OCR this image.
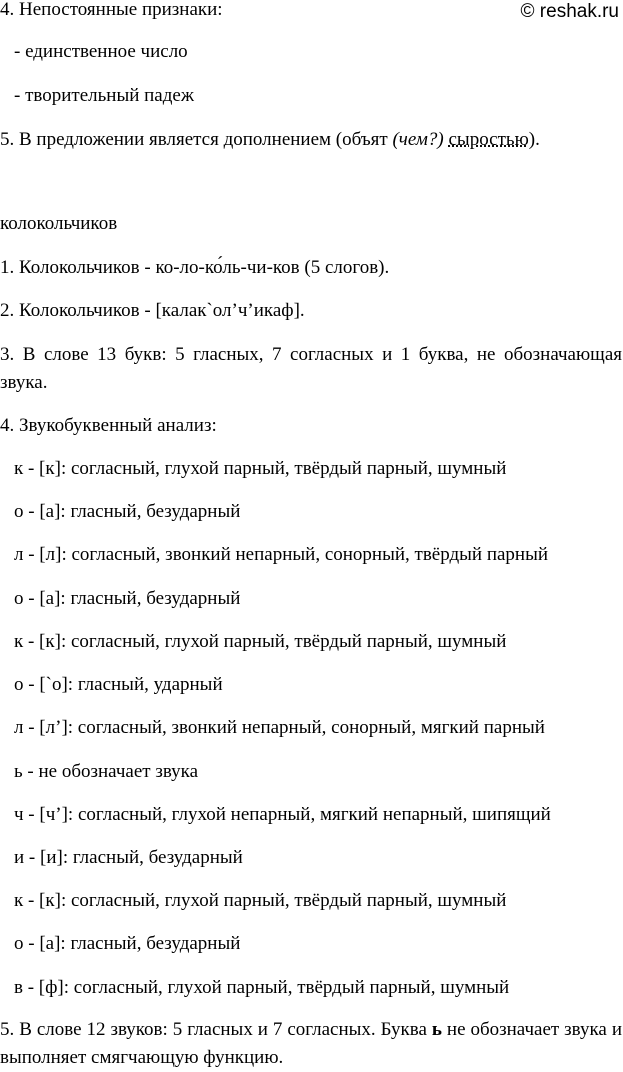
4. Непостоянные признаки:	© reshak.ru
- единственное число
- творительный падеж
5. В предложении является дополнением (объят (чем?) сыростью).
колокольчиков
1. Колокольчиков - ко-ло-ко́ль-чи-ков (5 слогов).
2. Колокольчиков - [калак`ол’ч’икаф].
3. В слове 13 букв: 5 гласных, 7 согласных и 1 буква, не обозначающая звука.
4. Звукобуквенный анализ:
к - [к]: согласный, глухой парный, твёрдый парный, шумный
о - [а]: гласный, безударный
л - [л]: согласный, звонкий непарный, сонорный, твёрдый парный
о - [а]: гласный, безударный
к - [к]: согласный, глухой парный, твёрдый парный, шумный
о - [`о]: гласный, ударный
л - [л’]: согласный, звонкий непарный, сонорный, мягкий парный
ь - не обозначает звука
ч - [ч’]: согласный, глухой непарный, мягкий непарный, шипящий
и - [и]: гласный, безударный
к - [к]: согласный, глухой парный, твёрдый парный, шумный
о - [а]: гласный, безударный
в - [ф]: согласный, глухой парный, твёрдый парный, шумный
5. В слове 12 звуков: 5 гласных и 7 согласных. Буква ь не обозначает звука и выполняет смягчающую функцию.
